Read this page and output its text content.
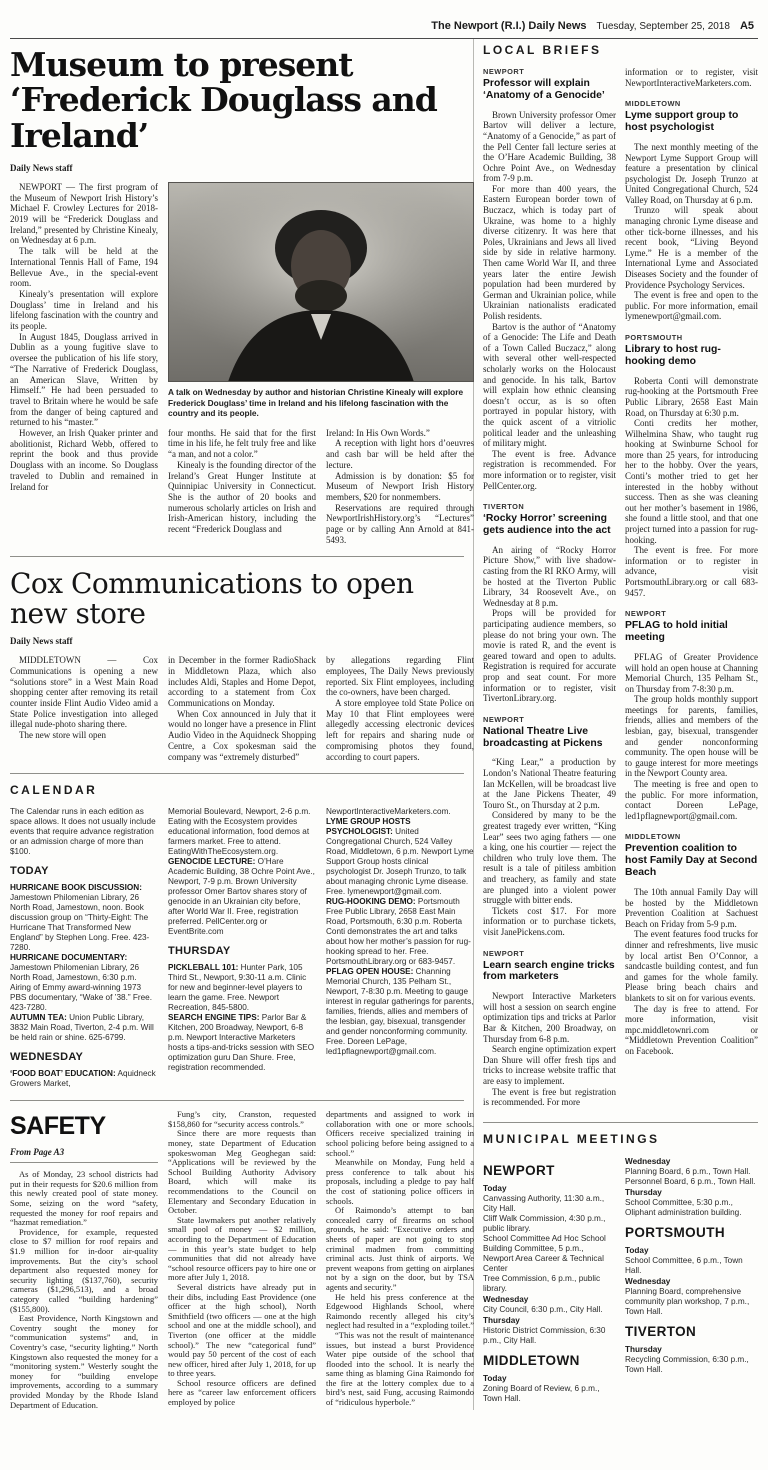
The Newport (R.I.) Daily News Tuesday, September 25, 2018 A5
Museum to present ‘Frederick Douglass and Ireland’
Daily News staff

NEWPORT — The first program of the Museum of Newport Irish History’s Michael F. Crowley Lectures for 2018-2019 will be “Frederick Douglass and Ireland,” presented by Christine Kinealy, on Wednesday at 6 p.m.

The talk will be held at the International Tennis Hall of Fame, 194 Bellevue Ave., in the special-event room.

Kinealy’s presentation will explore Douglass’ time in Ireland and his lifelong fascination with the country and its people.

In August 1845, Douglass arrived in Dublin as a young fugitive slave to oversee the publication of his life story, “The Narrative of Frederick Douglass, an American Slave, Written by Himself.” He had been persuaded to travel to Britain where he would be safe from the danger of being captured and returned to his “master.”

However, an Irish Quaker printer and abolitionist, Richard Webb, offered to reprint the book and thus provide Douglass with an income. So Douglass traveled to Dublin and remained in Ireland for

A talk on Wednesday by author and historian Christine Kinealy will explore Frederick Douglass’ time in Ireland and his lifelong fascination with the country and its people.

four months. He said that for the first time in his life, he felt truly free and like “a man, and not a color.”

Kinealy is the founding director of the Ireland’s Great Hunger Institute at Quinnipiac University in Connecticut. She is the author of 20 books and numerous scholarly articles on Irish and Irish-American history, including the recent “Frederick Douglass and

Ireland: In His Own Words.”

A reception with light hors d’oeuvres and cash bar will be held after the lecture.

Admission is by donation: $5 for Museum of Newport Irish History members, $20 for nonmembers.

Reservations are required through NewportIrishHistory.org’s “Lectures” page or by calling Ann Arnold at 841-5493.

Cox Communications to open new store
Daily News staff

MIDDLETOWN — Cox Communications is opening a new “solutions store” in a West Main Road shopping center after removing its retail counter inside Flint Audio Video amid a State Police investigation into alleged illegal nude-photo sharing there.

The new store will open

in December in the former RadioShack in Middletown Plaza, which also includes Aldi, Staples and Home Depot, according to a statement from Cox Communications on Monday.

When Cox announced in July that it would no longer have a presence in Flint Audio Video in the Aquidneck Shopping Centre, a Cox spokesman said the company was “extremely disturbed”

by allegations regarding Flint employees, The Daily News previously reported. Six Flint employees, including the co-owners, have been charged.

A store employee told State Police on May 10 that Flint employees were allegedly accessing electronic devices left for repairs and sharing nude or compromising photos they found, according to court papers.

CALENDAR

The Calendar runs in each edition as space allows. It does not usually include events that require advance registration or an admission charge of more than $100.

TODAY

HURRICANE BOOK DISCUSSION: Jamestown Philomenian Library, 26 North Road, Jamestown, noon. Book discussion group on “Thirty-Eight: The Hurricane That Transformed New England” by Stephen Long. Free. 423-7280.

HURRICANE DOCUMENTARY: Jamestown Philomenian Library, 26 North Road, Jamestown, 6:30 p.m. Airing of Emmy award-winning 1973 PBS documentary, “Wake of ’38.” Free. 423-7280.

AUTUMN TEA: Union Public Library, 3832 Main Road, Tiverton, 2-4 p.m. Will be held rain or shine. 625-6799.

WEDNESDAY

‘FOOD BOAT’ EDUCATION: Aquidneck Growers Market,

Memorial Boulevard, Newport, 2-6 p.m. Eating with the Ecosystem provides educational information, food demos at farmers market. Free to attend. EatingWithTheEcosystem.org.

GENOCIDE LECTURE: O’Hare Academic Building, 38 Ochre Point Ave., Newport, 7-9 p.m. Brown University professor Omer Bartov shares story of genocide in an Ukrainian city before, after World War II. Free, registration preferred. PellCenter.org or EventBrite.com

THURSDAY

PICKLEBALL 101: Hunter Park, 105 Third St., Newport, 9:30-11 a.m. Clinic for new and beginner-level players to learn the game. Free. Newport Recreation, 845-5800.

SEARCH ENGINE TIPS: Parlor Bar & Kitchen, 200 Broadway, Newport, 6-8 p.m. Newport Interactive Marketers hosts a tips-and-tricks session with SEO optimization guru Dan Shure. Free, registration recommended.

NewportInteractiveMarketers.com.

LYME GROUP HOSTS PSYCHOLOGIST: United Congregational Church, 524 Valley Road, Middletown, 6 p.m. Newport Lyme Support Group hosts clinical psychologist Dr. Joseph Trunzo, to talk about managing chronic Lyme disease. Free. lymenewport@gmail.com.

RUG-HOOKING DEMO: Portsmouth Free Public Library, 2658 East Main Road, Portsmouth, 6:30 p.m. Roberta Conti demonstrates the art and talks about how her mother’s passion for rug-hooking spread to her. Free. PortsmouthLibrary.org or 683-9457.

PFLAG OPEN HOUSE: Channing Memorial Church, 135 Pelham St., Newport, 7-8:30 p.m. Meeting to gauge interest in regular gatherings for parents, families, friends, allies and members of the lesbian, gay, bisexual, transgender and gender nonconforming community. Free. Doreen LePage, led1pflagnewport@gmail.com.

SAFETY
From Page A3

As of Monday, 23 school districts had put in their requests for $20.6 million from this newly created pool of state money. Some, seizing on the word “safety, requested the money for roof repairs and “hazmat remediation.”

Providence, for example, requested close to $7 million for roof repairs and $1.9 million for in-door air-quality improvements. But the city’s school department also requested money for security lighting ($137,760), security cameras ($1,296,513), and a broad category called “building hardening” ($155,800).

East Providence, North Kingstown and Coventry sought the money for “communication systems” and, in Coventry’s case, “security lighting.” North Kingstown also requested the money for a “monitoring system.” Westerly sought the money for “building envelope improvements, according to a summary provided Monday by the Rhode Island Department of Education.

Fung’s city, Cranston, requested $158,860 for “security access controls.”

Since there are more requests than money, state Department of Education spokeswoman Meg Geoghegan said: “Applications will be reviewed by the School Building Authority Advisory Board, which will make its recommendations to the Council on Elementary and Secondary Education in October.

State lawmakers put another relatively small pool of money — $2 million, according to the Department of Education — in this year’s state budget to help communities that did not already have “school resource officers pay to hire one or more after July 1, 2018.

Several districts have already put in their dibs, including East Providence (one officer at the high school), North Smithfield (two officers — one at the high school and one at the middle school), and Tiverton (one officer at the middle school).” The new “categorical fund” would pay 50 percent of the cost of each new officer, hired after July 1, 2018, for up to three years.

School resource officers are defined here as “career law enforcement officers employed by police

departments and assigned to work in collaboration with one or more schools. Officers receive specialized training in school policing before being assigned to a school.”

Meanwhile on Monday, Fung held a press conference to talk about his proposals, including a pledge to pay half the cost of stationing police officers in schools.

Of Raimondo’s attempt to ban concealed carry of firearms on school grounds, he said: “Executive orders and sheets of paper are not going to stop criminal madmen from committing criminal acts. Just think of airports. We prevent weapons from getting on airplanes not by a sign on the door, but by TSA agents and security.”

He held his press conference at the Edgewood Highlands School, where Raimondo recently alleged his city’s neglect had resulted in a “exploding toilet.”

“This was not the result of maintenance issues, but instead a burst Providence Water pipe outside of the school that flooded into the school. It is nearly the same thing as blaming Gina Raimondo for the fire at the lottery complex due to a bird’s nest, said Fung, accusing Raimondo of “ridiculous hyperbole.”

LOCAL BRIEFS
NEWPORT
Professor will explain ‘Anatomy of a Genocide’

Brown University professor Omer Bartov will deliver a lecture, “Anatomy of a Genocide,” as part of the Pell Center fall lecture series at the O’Hare Academic Building, 38 Ochre Point Ave., on Wednesday from 7-9 p.m.

For more than 400 years, the Eastern European border town of Buczacz, which is today part of Ukraine, was home to a highly diverse citizenry. It was here that Poles, Ukrainians and Jews all lived side by side in relative harmony. Then came World War II, and three years later the entire Jewish population had been murdered by German and Ukrainian police, while Ukrainian nationalists eradicated Polish residents.

Bartov is the author of “Anatomy of a Genocide: The Life and Death of a Town Called Buczacz,” along with several other well-respected scholarly works on the Holocaust and genocide. In his talk, Bartov will explain how ethnic cleansing doesn’t occur, as is so often portrayed in popular history, with the quick ascent of a vitriolic political leader and the unleashing of military might.

The event is free. Advance registration is recommended. For more information or to register, visit PellCenter.org.

TIVERTON
‘Rocky Horror’ screening gets audience into the act

An airing of “Rocky Horror Picture Show,” with live shadow-casting from the RI RKO Army, will be hosted at the Tiverton Public Library, 34 Roosevelt Ave., on Wednesday at 8 p.m.

Props will be provided for participating audience members, so please do not bring your own. The movie is rated R, and the event is geared toward and open to adults. Registration is required for accurate prop and seat count. For more information or to register, visit TivertonLibrary.org.

NEWPORT
National Theatre Live broadcasting at Pickens

“King Lear,” a production by London’s National Theatre featuring Ian McKellen, will be broadcast live at the Jane Pickens Theater, 49 Touro St., on Thursday at 2 p.m.

Considered by many to be the greatest tragedy ever written, “King Lear” sees two aging fathers — one a king, one his courtier — reject the children who truly love them. The result is a tale of pitiless ambition and treachery, as family and state are plunged into a violent power struggle with bitter ends.

Tickets cost $17. For more information or to purchase tickets, visit JanePickens.com.

NEWPORT
Learn search engine tricks from marketers

Newport Interactive Marketers will host a session on search engine optimization tips and tricks at Parlor Bar & Kitchen, 200 Broadway, on Thursday from 6-8 p.m.

Search engine optimization expert Dan Shure will offer fresh tips and tricks to increase website traffic that are easy to implement.

The event is free but registration is recommended. For more

information or to register, visit NewportInteractiveMarketers.com.

MIDDLETOWN
Lyme support group to host psychologist

The next monthly meeting of the Newport Lyme Support Group will feature a presentation by clinical psychologist Dr. Joseph Trunzo at United Congregational Church, 524 Valley Road, on Thursday at 6 p.m.

Trunzo will speak about managing chronic Lyme disease and other tick-borne illnesses, and his recent book, “Living Beyond Lyme.” He is a member of the International Lyme and Associated Diseases Society and the founder of Providence Psychology Services.

The event is free and open to the public. For more information, email lymenewport@gmail.com.

PORTSMOUTH
Library to host rug-hooking demo

Roberta Conti will demonstrate rug-hooking at the Portsmouth Free Public Library, 2658 East Main Road, on Thursday at 6:30 p.m.

Conti credits her mother, Wilhelmina Shaw, who taught rug hooking at Swinburne School for more than 25 years, for introducing her to the hobby. Over the years, Conti’s mother tried to get her interested in the hobby without success. Then as she was cleaning out her mother’s basement in 1986, she found a little stool, and that one project turned into a passion for rug-hooking.

The event is free. For more information or to register in advance, visit PortsmouthLibrary.org or call 683-9457.

NEWPORT
PFLAG to hold initial meeting

PFLAG of Greater Providence will hold an open house at Channing Memorial Church, 135 Pelham St., on Thursday from 7-8:30 p.m.

The group holds monthly support meetings for parents, families, friends, allies and members of the lesbian, gay, bisexual, transgender and gender nonconforming community. The open house will be to gauge interest for more meetings in the Newport County area.

The meeting is free and open to the public. For more information, contact Doreen LePage, led1pflagnewport@gmail.com.

MIDDLETOWN
Prevention coalition to host Family Day at Second Beach

The 10th annual Family Day will be hosted by the Middletown Prevention Coalition at Sachuest Beach on Friday from 5-9 p.m.

The event features food trucks for dinner and refreshments, live music by local artist Ben O’Connor, a sandcastle building contest, and fun and games for the whole family. Please bring beach chairs and blankets to sit on for various events.

The day is free to attend. For more information, visit mpc.middletownri.com or “Middletown Prevention Coalition” on Facebook.

MUNICIPAL MEETINGS

NEWPORT

Today

Canvassing Authority, 11:30 a.m., City Hall.

Cliff Walk Commission, 4:30 p.m., public library.

School Committee Ad Hoc School Building Committee, 5 p.m., Newport Area Career & Technical Center

Tree Commission, 6 p.m., public library.

Wednesday

City Council, 6:30 p.m., City Hall.

Thursday

Historic District Commission, 6:30 p.m., City Hall.

MIDDLETOWN

Today

Zoning Board of Review, 6 p.m., Town Hall.

Wednesday

Planning Board, 6 p.m., Town Hall.

Personnel Board, 6 p.m., Town Hall.

Thursday

School Committee, 5:30 p.m., Oliphant administration building.

PORTSMOUTH

Today

School Committee, 6 p.m., Town Hall.

Wednesday

Planning Board, comprehensive community plan workshop, 7 p.m., Town Hall.

TIVERTON

Thursday

Recycling Commission, 6:30 p.m., Town Hall.
